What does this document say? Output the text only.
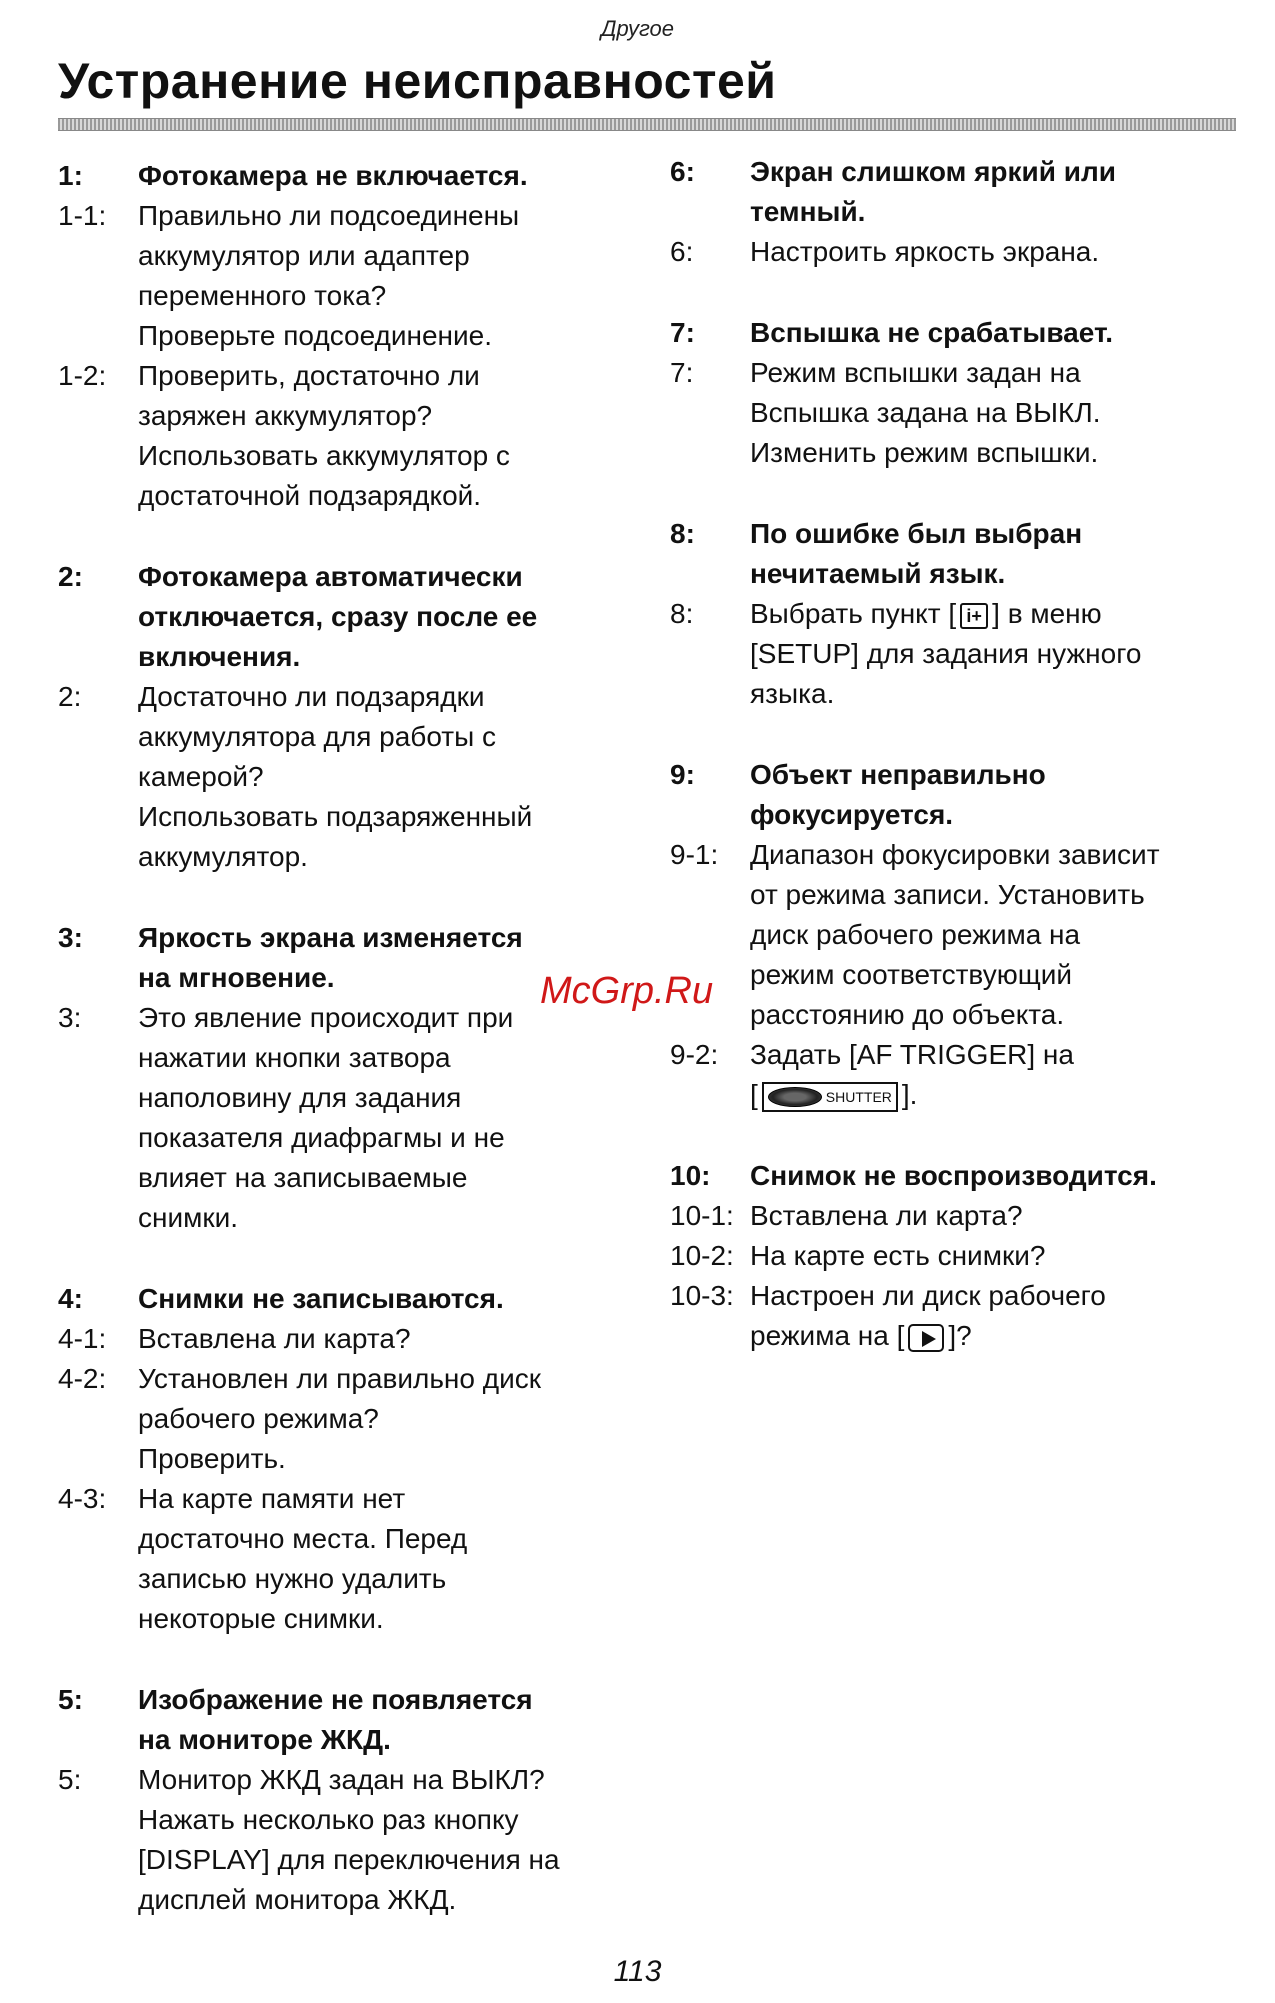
Другое
Устранение неисправностей
1:	Фотокамера не включается.
1-1:	Правильно ли подсоединены
аккумулятор или адаптер
переменного тока?
Проверьте подсоединение.
1-2:	Проверить, достаточно ли
заряжен аккумулятор?
Использовать аккумулятор с
достаточной подзарядкой.
2:	Фотокамера автоматически
отключается, сразу после ее
включения.
2:	Достаточно ли подзарядки
аккумулятора для работы с
камерой?
Использовать подзаряженный
аккумулятор.
3:	Яркость экрана изменяется
на мгновение.
3:	Это явление происходит при
нажатии кнопки затвора
наполовину для задания
показателя диафрагмы и не
влияет на записываемые
снимки.
4:	Снимки не записываются.
4-1:	Вставлена ли карта?
4-2:	Установлен ли правильно диск
рабочего режима?
Проверить.
4-3:	На карте памяти нет
достаточно места. Перед
записью нужно удалить
некоторые снимки.
5:	Изображение не появляется
на мониторе ЖКД.
5:	Монитор ЖКД задан на ВЫКЛ?
Нажать несколько раз кнопку
[DISPLAY] для переключения на
дисплей монитора ЖКД.
6:	Экран слишком яркий или
темный.
6:	Настроить яркость экрана.
7:	Вспышка не срабатывает.
7:	Режим вспышки задан на
Вспышка задана на ВЫКЛ.
Изменить режим вспышки.
8:	По ошибке был выбран
нечитаемый язык.
8:	Выбрать пункт [ i+ ] в меню
[SETUP] для задания нужного
языка.
9:	Объект неправильно
фокусируется.
9-1:	Диапазон фокусировки зависит
от режима записи. Установить
диск рабочего режима на
режим соответствующий
расстоянию до объекта.
9-2:	Задать [AF TRIGGER] на
[	SHUTTER ].
10:	Снимок не воспроизводится.
10-1: Вставлена ли карта?
10-2: На карте есть снимки?
10-3: Настроен ли диск рабочего
режима на [ ]?
McGrp.Ru
113
